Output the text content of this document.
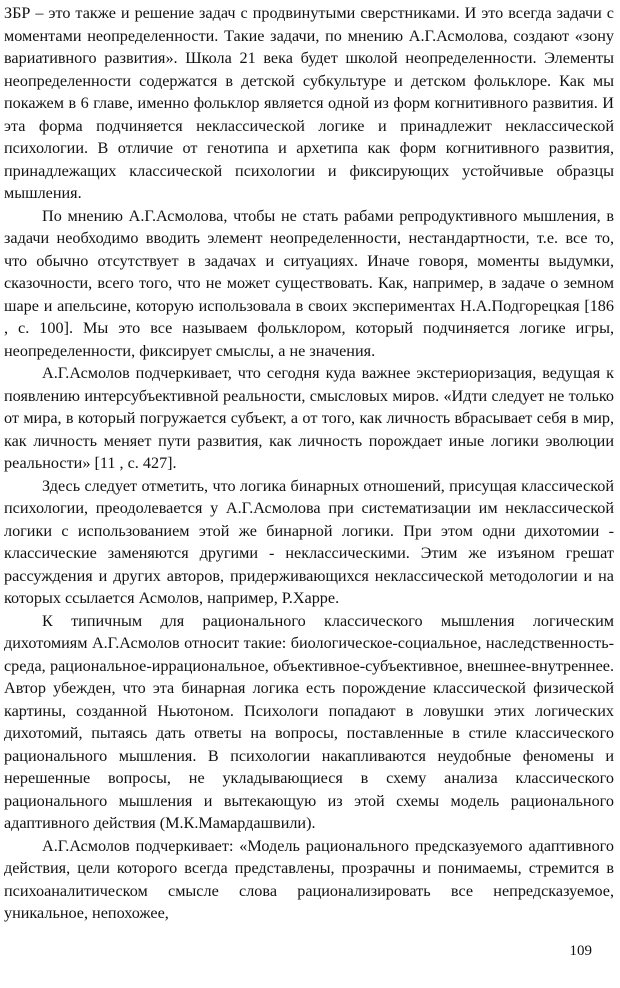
ЗБР – это также и решение задач с продвинутыми сверстниками. И это всегда задачи с моментами неопределенности. Такие задачи, по мнению А.Г.Асмолова, создают «зону вариативного развития». Школа 21 века будет школой неопределенности. Элементы неопределенности содержатся в детской субкультуре и детском фольклоре. Как мы покажем в 6 главе, именно фольклор является одной из форм когнитивного развития. И эта форма подчиняется неклассической логике и принадлежит неклассической психологии. В отличие от генотипа и архетипа как форм когнитивного развития, принадлежащих классической психологии и фиксирующих устойчивые образцы мышления.

По мнению А.Г.Асмолова, чтобы не стать рабами репродуктивного мышления, в задачи необходимо вводить элемент неопределенности, нестандартности, т.е. все то, что обычно отсутствует в задачах и ситуациях. Иначе говоря, моменты выдумки, сказочности, всего того, что не может существовать. Как, например, в задаче о земном шаре и апельсине, которую использовала в своих экспериментах Н.А.Подгорецкая [186 , с. 100]. Мы это все называем фольклором, который подчиняется логике игры, неопределенности, фиксирует смыслы, а не значения.

А.Г.Асмолов подчеркивает, что сегодня куда важнее экстериоризация, ведущая к появлению интерсубъективной реальности, смысловых миров. «Идти следует не только от мира, в который погружается субъект, а от того, как личность вбрасывает себя в мир, как личность меняет пути развития, как личность порождает иные логики эволюции реальности» [11 , с. 427].

Здесь следует отметить, что логика бинарных отношений, присущая классической психологии, преодолевается у А.Г.Асмолова при систематизации им неклассической логики с использованием этой же бинарной логики. При этом одни дихотомии - классические заменяются другими - неклассическими. Этим же изъяном грешат рассуждения и других авторов, придерживающихся неклассической методологии и на которых ссылается Асмолов, например, Р.Харре.

К типичным для рационального классического мышления логическим дихотомиям А.Г.Асмолов относит такие: биологическое-социальное, наследственность-среда, рациональное-иррациональное, объективное-субъективное, внешнее-внутреннее. Автор убежден, что эта бинарная логика есть порождение классической физической картины, созданной Ньютоном. Психологи попадают в ловушки этих логических дихотомий, пытаясь дать ответы на вопросы, поставленные в стиле классического рационального мышления. В психологии накапливаются неудобные феномены и нерешенные вопросы, не укладывающиеся в схему анализа классического рационального мышления и вытекающую из этой схемы модель рационального адаптивного действия (М.К.Мамардашвили).

А.Г.Асмолов подчеркивает: «Модель рационального предсказуемого адаптивного действия, цели которого всегда представлены, прозрачны и понимаемы, стремится в психоаналитическом смысле слова рационализировать все непредсказуемое, уникальное, непохожее,

109
